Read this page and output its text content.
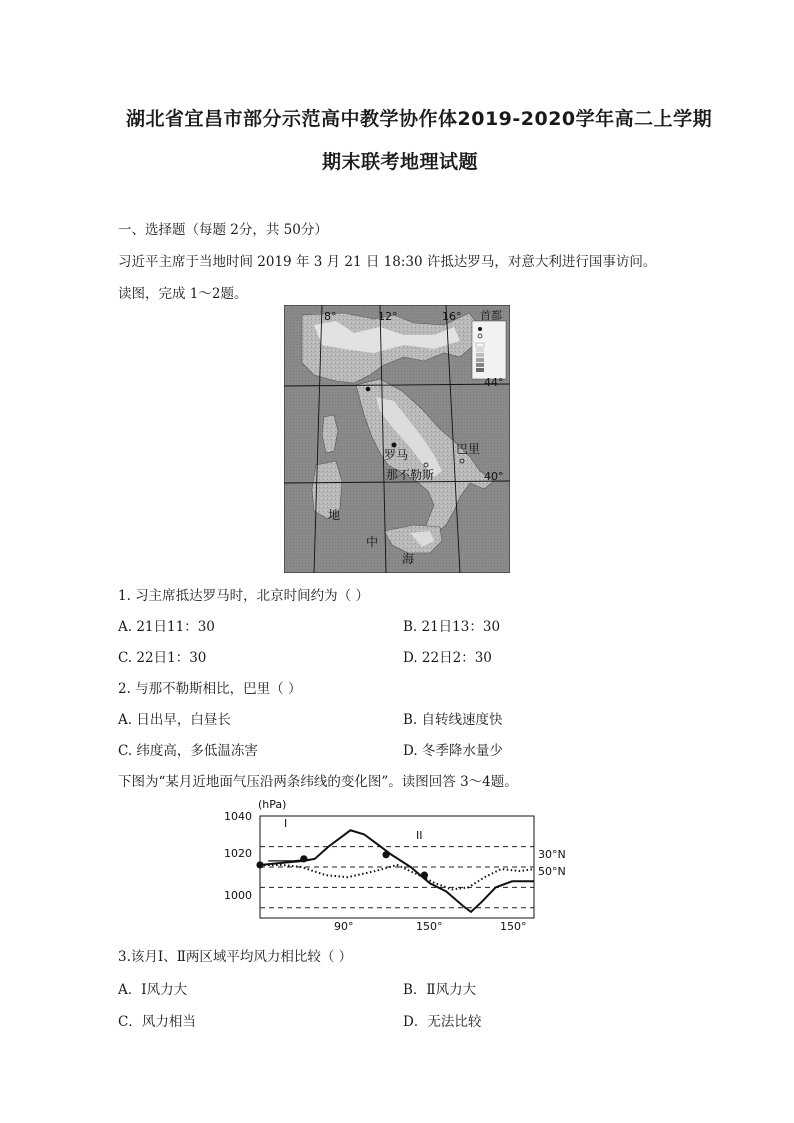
湖北省宜昌市部分示范高中教学协作体2019-2020学年高二上学期
期末联考地理试题
一、选择题（每题 2分，共 50分）
习近平主席于当地时间 2019 年 3 月 21 日 18:30 许抵达罗马，对意大利进行国事访问。
读图，完成 1～2题。
8°	12°	16° 首都
44°
40°
罗马
那不勒斯
巴里
地
中
海
1. 习主席抵达罗马时，北京时间约为（ ）
A. 21日11：30	B. 21日13：30
C. 22日1：30	D. 22日2：30
2. 与那不勒斯相比，巴里（ ）
A. 日出早，白昼长	B. 自转线速度快
C. 纬度高，多低温冻害	D. 冬季降水量少
下图为“某月近地面气压沿两条纬线的变化图”。读图回答 3～4题。
(hPa)
1040
1020
1000
90°	150°	150°
I
II
30°N
50°N
3.该月Ⅰ、Ⅱ两区域平均风力相比较（ ）
A．Ⅰ风力大	B．Ⅱ风力大
C．风力相当	D．无法比较
